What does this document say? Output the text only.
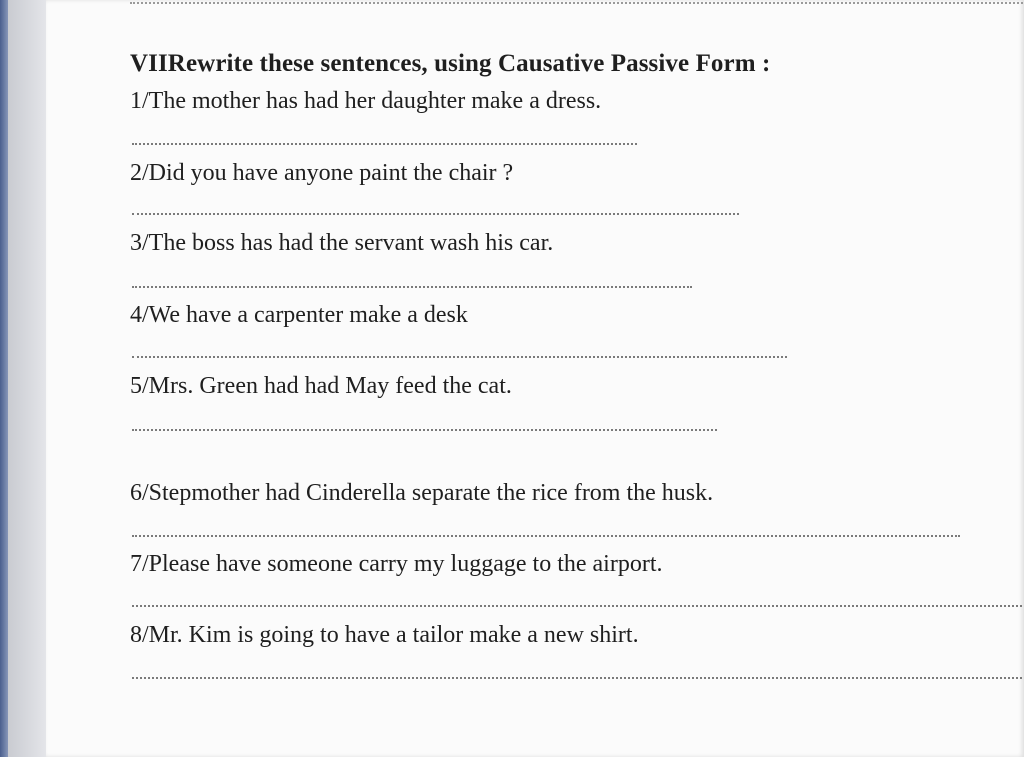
VIIRewrite these sentences, using Causative Passive Form :
1/The mother has had her daughter make a dress.
2/Did you have anyone paint the chair ?
3/The boss has had the servant wash his car.
4/We have a carpenter make a desk
5/Mrs. Green had had May feed the cat.
6/Stepmother had Cinderella separate the rice from the husk.
7/Please have someone carry my luggage to the airport.
8/Mr. Kim is going to have a tailor make a new shirt.
